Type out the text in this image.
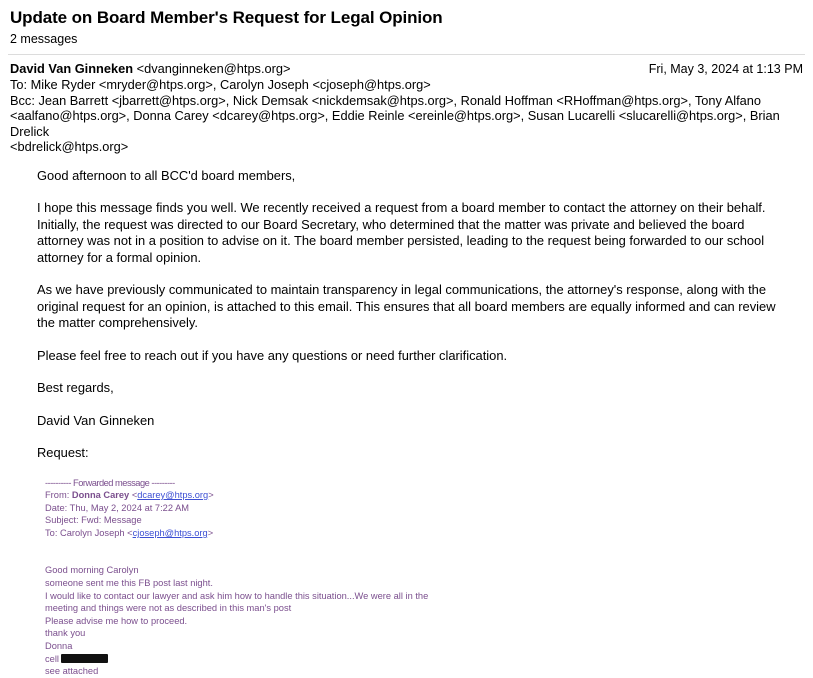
Update on Board Member's Request for Legal Opinion
2 messages
David Van Ginneken <dvanginneken@htps.org>	Fri, May 3, 2024 at 1:13 PM
To: Mike Ryder <mryder@htps.org>, Carolyn Joseph <cjoseph@htps.org>
Bcc: Jean Barrett <jbarrett@htps.org>, Nick Demsak <nickdemsak@htps.org>, Ronald Hoffman <RHoffman@htps.org>, Tony Alfano
<aalfano@htps.org>, Donna Carey <dcarey@htps.org>, Eddie Reinle <ereinle@htps.org>, Susan Lucarelli <slucarelli@htps.org>, Brian Drelick
<bdrelick@htps.org>

Good afternoon to all BCC'd board members,

I hope this message finds you well. We recently received a request from a board member to contact the attorney on their behalf. Initially, the request was directed to our Board Secretary, who determined that the matter was private and believed the board attorney was not in a position to advise on it. The board member persisted, leading to the request being forwarded to our school attorney for a formal opinion.

As we have previously communicated to maintain transparency in legal communications, the attorney's response, along with the original request for an opinion, is attached to this email. This ensures that all board members are equally informed and can review the matter comprehensively.

Please feel free to reach out if you have any questions or need further clarification.

Best regards,

David Van Ginneken

Request:

---------- Forwarded message ---------
From: Donna Carey <dcarey@htps.org>
Date: Thu, May 2, 2024 at 7:22 AM
Subject: Fwd: Message
To: Carolyn Joseph <cjoseph@htps.org>
Good morning Carolyn
someone sent me this FB post last night.
I would like to contact our lawyer and ask him how to handle this situation...We were all in the
meeting and things were not as described in this man's post
Please advise me how to proceed.
thank you
Donna
cell
see attached
